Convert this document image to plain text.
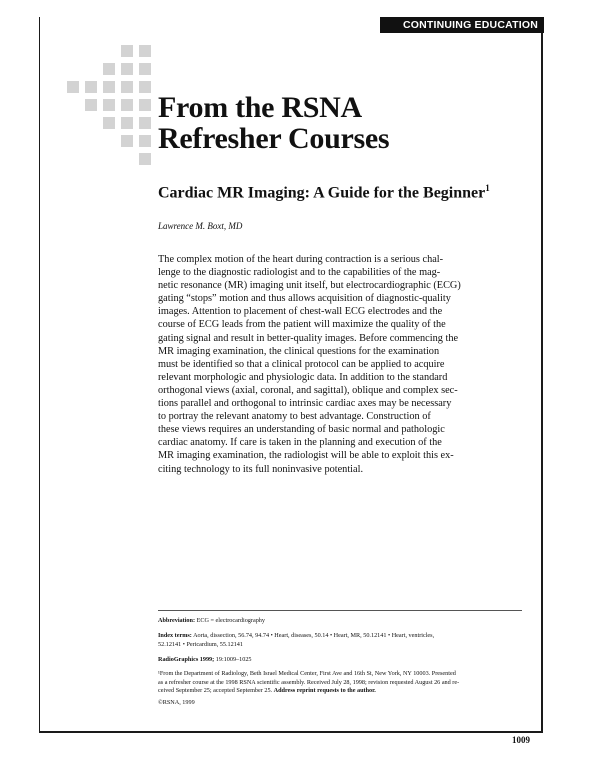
CONTINUING EDUCATION
From the RSNA
Refresher Courses
Cardiac MR Imaging: A Guide for the Beginner$^1$
Lawrence M. Boxt, MD
The complex motion of the heart during contraction is a serious chal-
lenge to the diagnostic radiologist and to the capabilities of the mag-
netic resonance (MR) imaging unit itself, but electrocardiographic (ECG)
gating “stops” motion and thus allows acquisition of diagnostic-quality
images. Attention to placement of chest-wall ECG electrodes and the
course of ECG leads from the patient will maximize the quality of the
gating signal and result in better-quality images. Before commencing the
MR imaging examination, the clinical questions for the examination
must be identified so that a clinical protocol can be applied to acquire
relevant morphologic and physiologic data. In addition to the standard
orthogonal views (axial, coronal, and sagittal), oblique and complex sec-
tions parallel and orthogonal to intrinsic cardiac axes may be necessary
to portray the relevant anatomy to best advantage. Construction of
these views requires an understanding of basic normal and pathologic
cardiac anatomy. If care is taken in the planning and execution of the
MR imaging examination, the radiologist will be able to exploit this ex-
citing technology to its full noninvasive potential.
Abbreviation: ECG = electrocardiography
Index terms: Aorta, dissection, 56.74, 94.74 • Heart, diseases, 50.14 • Heart, MR, 50.12141 • Heart, ventricles,
52.12141 • Pericardium, 55.12141
RadioGraphics 1999; 19:1009–1025
¹From the Department of Radiology, Beth Israel Medical Center, First Ave and 16th St, New York, NY 10003. Presented
as a refresher course at the 1998 RSNA scientific assembly. Received July 28, 1998; revision requested August 26 and re-
ceived September 25; accepted September 25. Address reprint requests to the author.
©RSNA, 1999
1009
